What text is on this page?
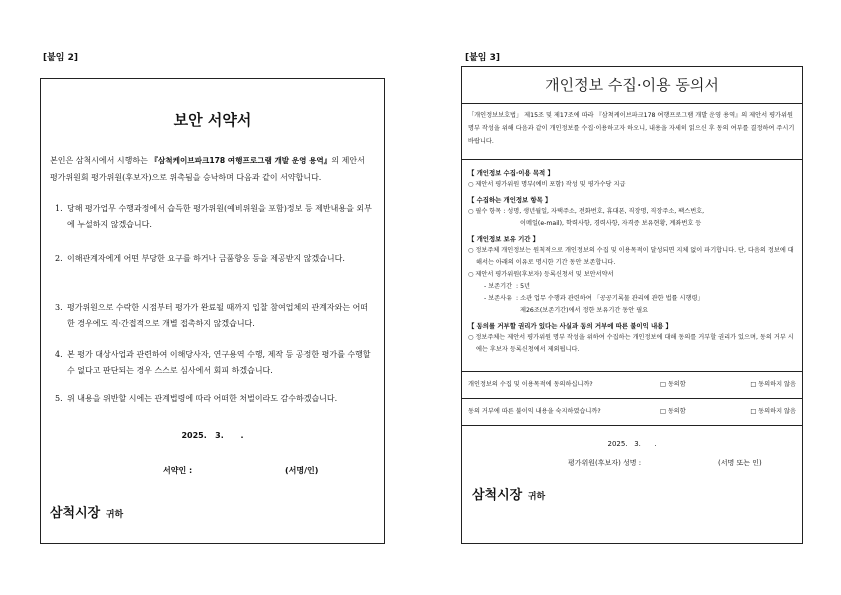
[붙임 2]
보안 서약서
본인은 삼척시에서 시행하는 『삼척케이브파크178 여행프로그램 개발 운영 용역』의 제안서 평가위원회 평가위원(후보자)으로 위촉됨을 승낙하며 다음과 같이 서약합니다.
1. 당해 평가업무 수행과정에서 습득한 평가위원(예비위원을 포함)정보 등 제반내용을 외부에 누설하지 않겠습니다.
2. 이해관계자에게 어떤 부당한 요구를 하거나 금품향응 등을 제공받지 않겠습니다.
3. 평가위원으로 수락한 시점부터 평가가 완료될 때까지 입찰 참여업체의 관계자와는 어떠한 경우에도 직·간접적으로 개별 접촉하지 않겠습니다.
4. 본 평가 대상사업과 관련하여 이해당사자, 연구용역 수행, 제작 등 공정한 평가를 수행할 수 없다고 판단되는 경우 스스로 심사에서 회피 하겠습니다.
5. 위 내용을 위반할 시에는 관계법령에 따라 어떠한 처벌이라도 감수하겠습니다.
2025.   3.      .
서약인 :	(서명/인)
삼척시장 귀하
[붙임 3]
개인정보 수집·이용 동의서
「개인정보보호법」 제15조 및 제17조에 따라 『삼척케이브파크178 여행프로그램 개발 운영 용역』의 제안서 평가위원 명부 작성을 위해 다음과 같이 개인정보를 수집·이용하고자 하오니, 내용을 자세히 읽으신 후 동의 여부를 결정하여 주시기 바랍니다.
【 개인정보 수집·이용 목적 】
○ 제안서 평가위원 명부(예비 포함) 작성 및 평가수당 지급
【 수집하는 개인정보 항목 】
○ 필수 항목 : 성명, 생년월일, 자택주소, 전화번호, 휴대폰, 직장명, 직장주소, 팩스번호,
이메일(e-mail), 학력사항, 경력사항, 자격증 보유현황, 계좌번호 등
【 개인정보 보유 기간 】
○ 정보주체 개인정보는 원칙적으로 개인정보의 수집 및 이용목적이 달성되면 지체 없이 파기합니다. 단, 다음의 정보에 대해서는 아래의 이유로 명시한 기간 동안 보존합니다.
○ 제안서 평가위원(후보자) 등록신청서 및 보안서약서
- 보존기간  : 5년
- 보존사유  : 소관 업무 수행과 관련하여 「공공기록물 관리에 관한 법률 시행령」
제26조(보존기간)에서 정한 보유기간 동안 필요
【 동의를 거부할 권리가 있다는 사실과 동의 거부에 따른 불이익 내용 】
○ 정보주체는 제안서 평가위원 명부 작성을 위하여 수집하는 개인정보에 대해 동의를 거부할 권리가 있으며, 동의 거부 시에는 후보자 등록신청에서 제외됩니다.
개인정보의 수집 및 이용목적에 동의하십니까?	□ 동의함	□ 동의하지 않음
동의 거부에 따른 불이익 내용을 숙지하였습니까?	□ 동의함	□ 동의하지 않음
2025.   3.      .
평가위원(후보자) 성명 :	(서명 또는 인)
삼척시장 귀하
